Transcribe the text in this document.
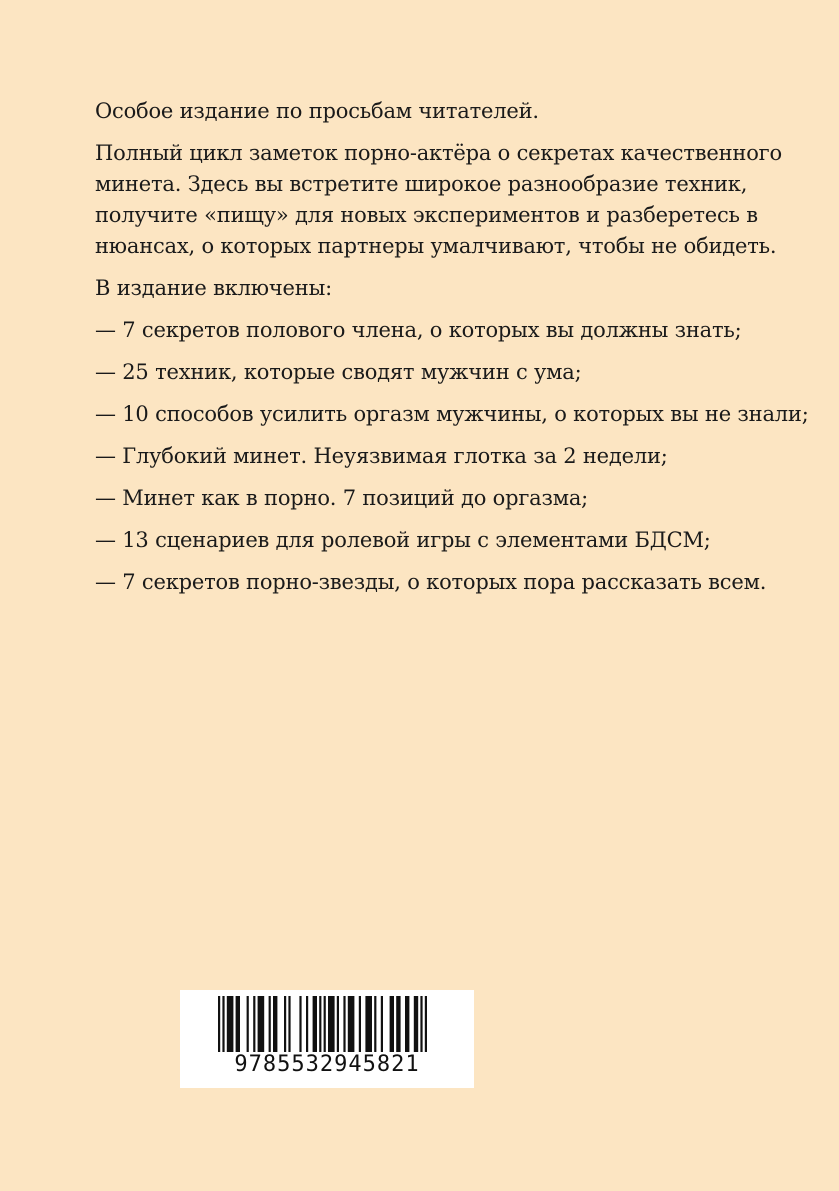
Особое издание по просьбам читателей.

Полный цикл заметок порно-актёра о секретах качественного минета. Здесь вы встретите широкое разнообразие техник, получите «пищу» для новых экспериментов и разберетесь в нюансах, о которых партнеры умалчивают, чтобы не обидеть.

В издание включены:

— 7 секретов полового члена, о которых вы должны знать;
— 25 техник, которые сводят мужчин с ума;
— 10 способов усилить оргазм мужчины, о которых вы не знали;
— Глубокий минет. Неуязвимая глотка за 2 недели;
— Минет как в порно. 7 позиций до оргазма;
— 13 сценариев для ролевой игры с элементами БДСМ;
— 7 секретов порно-звезды, о которых пора рассказать всем.
9785532945821
